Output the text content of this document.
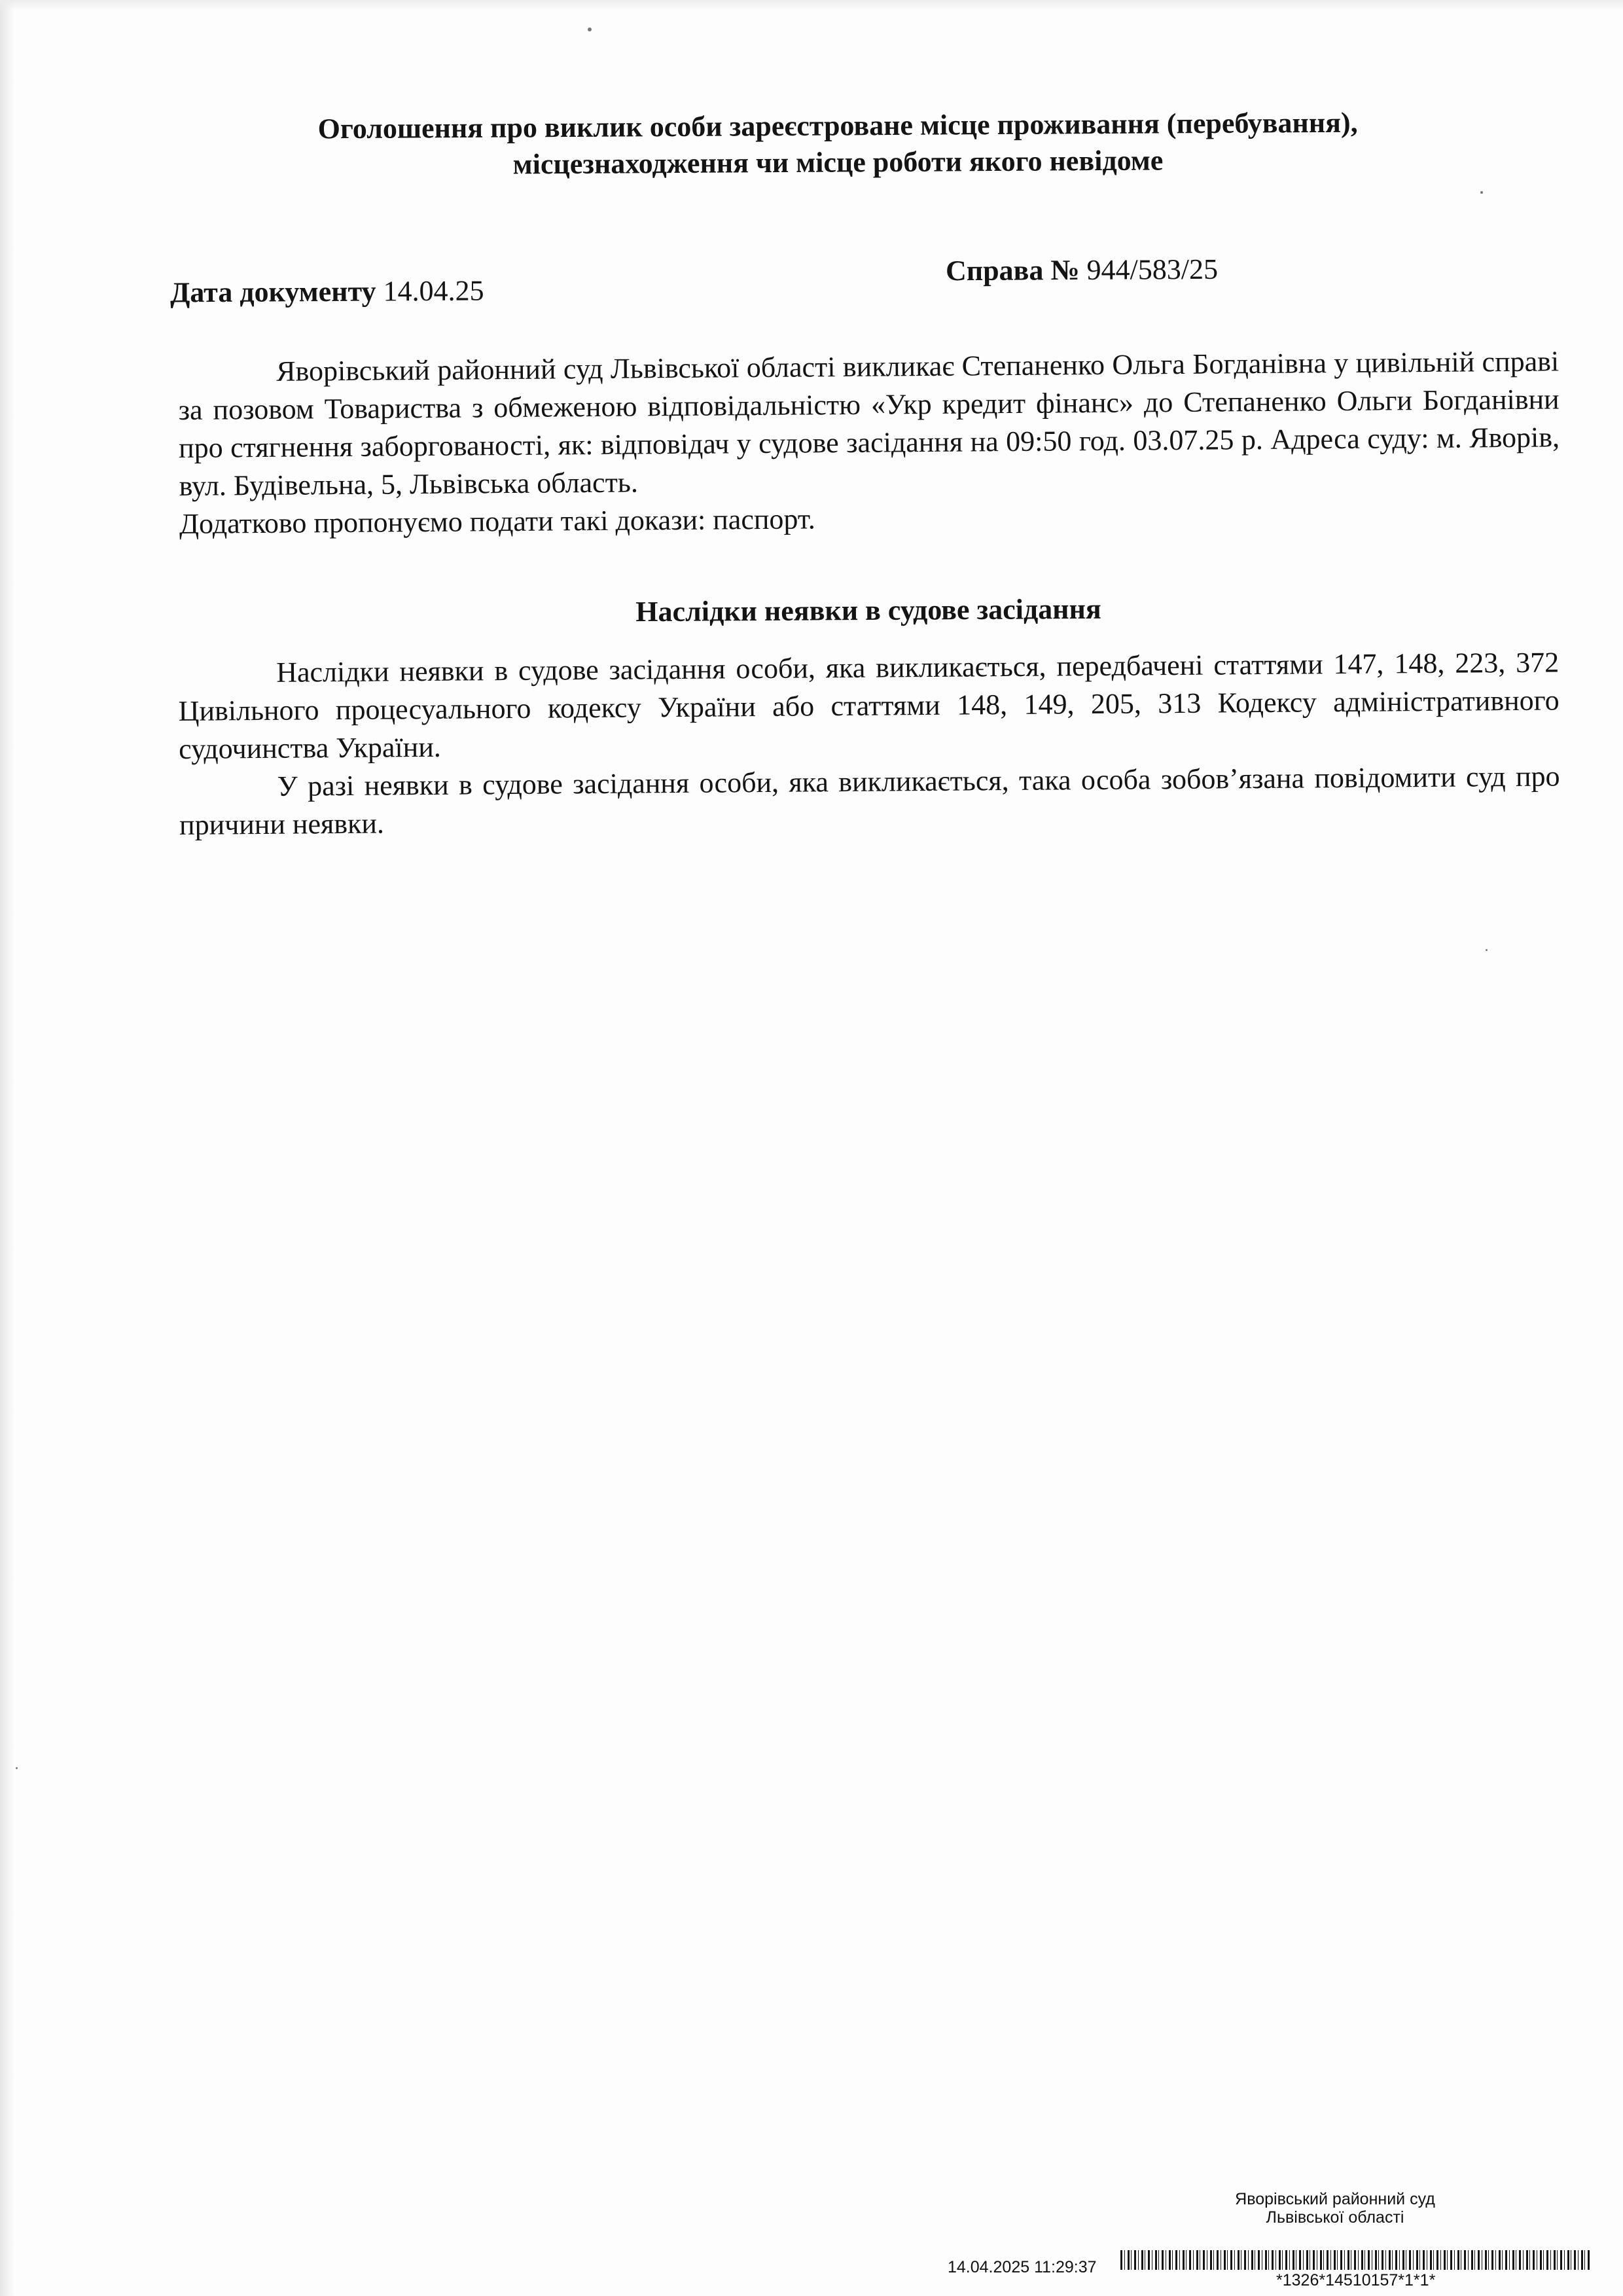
Оголошення про виклик особи зареєстроване місце проживання (перебування),
місцезнаходження чи місце роботи якого невідоме
Дата документу 14.04.25
Справа № 944/583/25

Яворівський районний суд Львівської області викликає Степаненко Ольга Богданівна у цивільній справі за позовом Товариства з обмеженою відповідальністю «Укр кредит фінанс» до Степаненко Ольги Богданівни про стягнення заборгованості, як: відповідач у судове засідання на 09:50 год. 03.07.25 р. Адреса суду: м. Яворів, вул. Будівельна, 5, Львівська область.

Додатково пропонуємо подати такі докази: паспорт.

Наслідки неявки в судове засідання

Наслідки неявки в судове засідання особи, яка викликається, передбачені статтями 147, 148, 223, 372 Цивільного процесуального кодексу України або статтями 148, 149, 205, 313 Кодексу адміністративного судочинства України.

У разі неявки в судове засідання особи, яка викликається, така особа зобов’язана повідомити суд про причини неявки.

Яворівський районний суд
Львівської області
14.04.2025 11:29:37
*1326*14510157*1*1*
